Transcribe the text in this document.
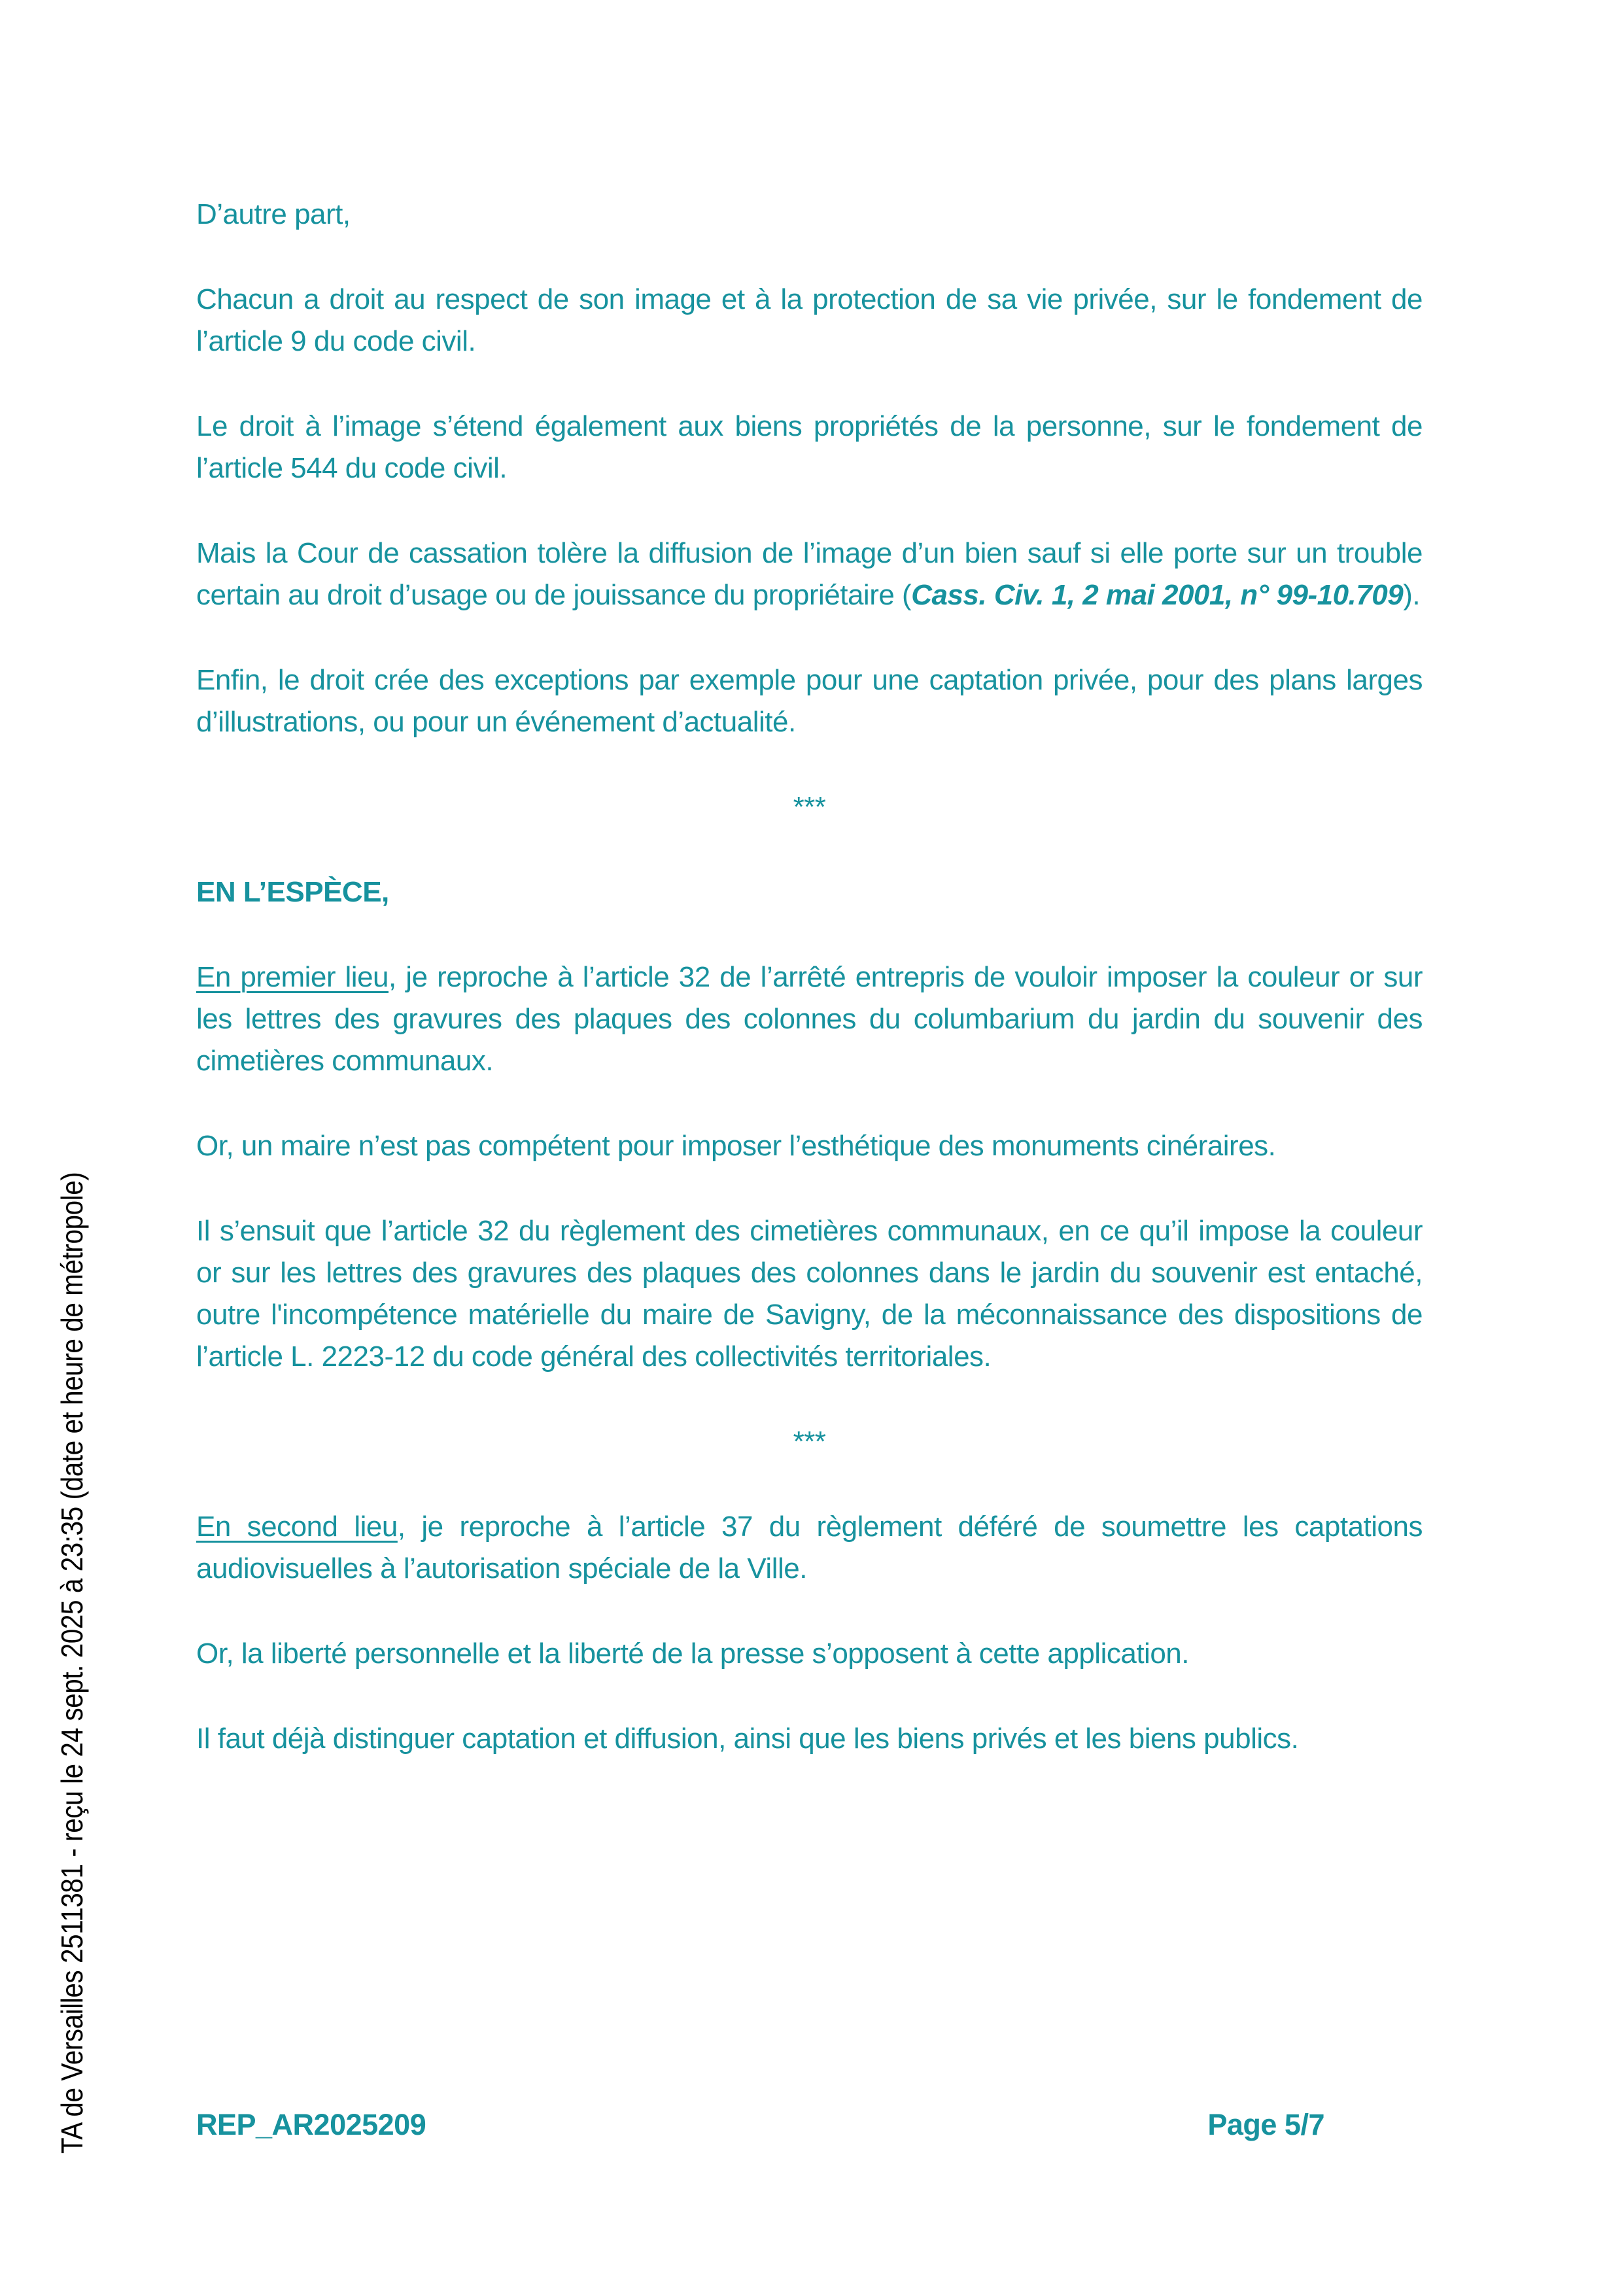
TA de Versailles 2511381 - reçu le 24 sept. 2025 à 23:35 (date et heure de métropole)

D’autre part,

Chacun a droit au respect de son image et à la protection de sa vie privée, sur le fondement de l’article 9 du code civil.

Le droit à l’image s’étend également aux biens propriétés de la personne, sur le fondement de l’article 544 du code civil.

Mais la Cour de cassation tolère la diffusion de l’image d’un bien sauf si elle porte sur un trouble certain au droit d’usage ou de jouissance du propriétaire (Cass. Civ. 1, 2 mai 2001, n° 99-10.709).

Enfin, le droit crée des exceptions par exemple pour une captation privée, pour des plans larges d’illustrations, ou pour un événement d’actualité.

***

EN L’ESPÈCE,

En premier lieu, je reproche à l’article 32 de l’arrêté entrepris de vouloir imposer la couleur or sur les lettres des gravures des plaques des colonnes du columbarium du jardin du souvenir des cimetières communaux.

Or, un maire n’est pas compétent pour imposer l’esthétique des monuments cinéraires.

Il s’ensuit que l’article 32 du règlement des cimetières communaux, en ce qu’il impose la couleur or sur les lettres des gravures des plaques des colonnes dans le jardin du souvenir est entaché, outre l'incompétence matérielle du maire de Savigny, de la méconnaissance des dispositions de l’article L. 2223-12 du code général des collectivités territoriales.

***

En second lieu, je reproche à l’article 37 du règlement déféré de soumettre les captations audiovisuelles à l’autorisation spéciale de la Ville.

Or, la liberté personnelle et la liberté de la presse s’opposent à cette application.

Il faut déjà distinguer captation et diffusion, ainsi que les biens privés et les biens publics.

REP_AR2025209	Page 5/7
